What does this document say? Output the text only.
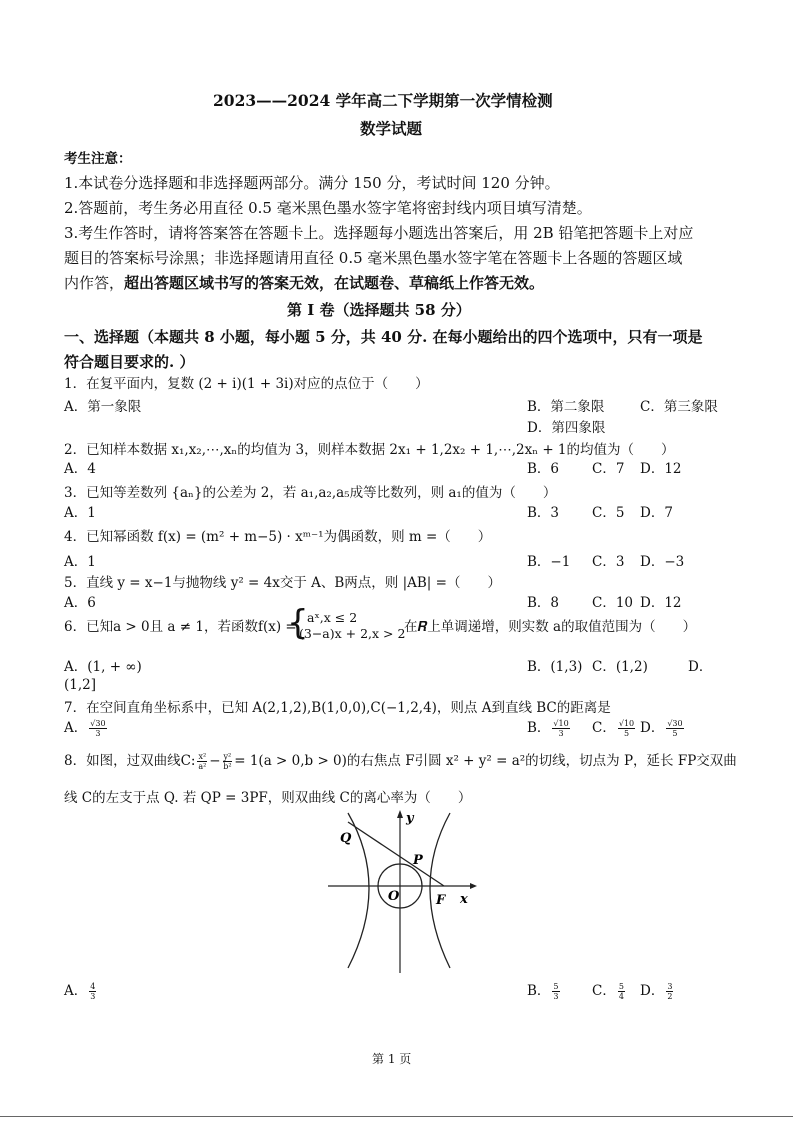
2023——2024 学年高二下学期第一次学情检测
数学试题
考生注意：
1.本试卷分选择题和非选择题两部分。满分 150 分，考试时间 120 分钟。
2.答题前，考生务必用直径 0.5 毫米黑色墨水签字笔将密封线内项目填写清楚。
3.考生作答时，请将答案答在答题卡上。选择题每小题选出答案后，用 2B 铅笔把答题卡上对应
题目的答案标号涂黑；非选择题请用直径 0.5 毫米黑色墨水签字笔在答题卡上各题的答题区域
内作答，超出答题区域书写的答案无效，在试题卷、草稿纸上作答无效。
第 I 卷（选择题共 58 分）
一、选择题（本题共 8 小题，每小题 5 分，共 40 分. 在每小题给出的四个选项中，只有一项是
符合题目要求的. ）
1．在复平面内，复数 (2 + i)(1 + 3i)对应的点位于（　　）
A．第一象限	B．第二象限	C．第三象限
D．第四象限
2．已知样本数据 x₁,x₂,⋯,xₙ的均值为 3，则样本数据 2x₁ + 1,2x₂ + 1,⋯,2xₙ + 1的均值为（　　）
A．4	B．6 C．7 D．12
3．已知等差数列 {aₙ}的公差为 2，若 a₁,a₂,a₅成等比数列，则 a₁的值为（　　）
A．1	B．3 C．5 D．7
4．已知幂函数 f(x) = (m² + m−5) · xᵐ⁻¹为偶函数，则 m =（　　）
A．1	B．−1 C．3 D．−3
5．直线 y = x−1与抛物线 y² = 4x交于 A、B两点，则 |AB| =（　　）
A．6	B．8 C．10 D．12
6．已知a > 0且 a ≠ 1，若函数f(x) =
{
aˣ,x ≤ 2
(3−a)x + 2,x > 2
在𝑹上单调递增，则实数 a的取值范围为（　　）
A．(1, + ∞)	B．(1,3) C．(1,2)	D．
(1,2]
7．在空间直角坐标系中，已知 A(2,1,2),B(1,0,0),C(−1,2,4)，则点 A到直线 BC的距离是
A． $\frac{√30}{3}$	B． $\frac{√10}{3}$ C． $\frac{√10}{5}$ D． $\frac{√30}{5}$
8．如图，过双曲线C: $\frac{\text{x²}}{\text{a²}} - \frac{\text{y²}}{\text{b²}} = 1(a > 0,b > 0)$的右焦点 F引圆 x² + y² = a²的切线，切点为 P，延长 FP交双曲
线 C的左支于点 Q. 若 QP = 3PF，则双曲线 C的离心率为（　　）
Q
P
O	F x
y
A． $\frac{4}{3}$	B． $\frac{5}{3}$ C． $\frac{5}{4}$ D． $\frac{3}{2}$
第 1 页
